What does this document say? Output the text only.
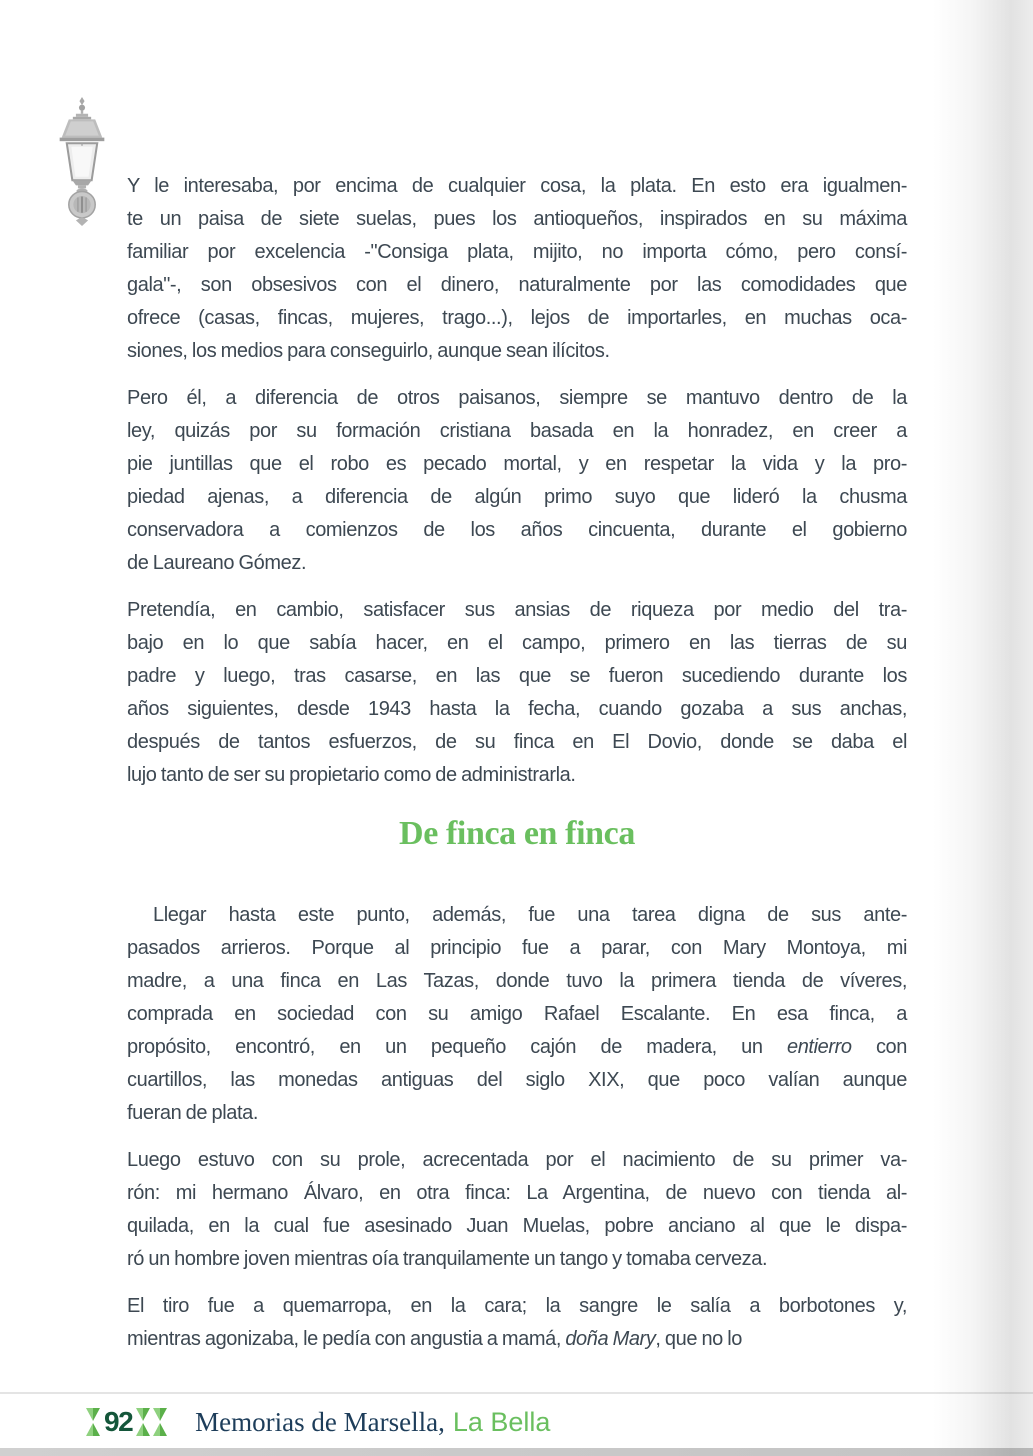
Y le interesaba, por encima de cualquier cosa, la plata. En esto era igualmen-
te un paisa de siete suelas, pues los antioqueños, inspirados en su máxima
familiar por excelencia -"Consiga plata, mijito, no importa cómo, pero consí-
gala"-, son obsesivos con el dinero, naturalmente por las comodidades que
ofrece (casas, fincas, mujeres, trago...), lejos de importarles, en muchas oca-
siones, los medios para conseguirlo, aunque sean ilícitos.
Pero él, a diferencia de otros paisanos, siempre se mantuvo dentro de la
ley, quizás por su formación cristiana basada en la honradez, en creer a
pie juntillas que el robo es pecado mortal, y en respetar la vida y la pro-
piedad ajenas, a diferencia de algún primo suyo que lideró la chusma
conservadora a comienzos de los años cincuenta, durante el gobierno
de Laureano Gómez.
Pretendía, en cambio, satisfacer sus ansias de riqueza por medio del tra-
bajo en lo que sabía hacer, en el campo, primero en las tierras de su
padre y luego, tras casarse, en las que se fueron sucediendo durante los
años siguientes, desde 1943 hasta la fecha, cuando gozaba a sus anchas,
después de tantos esfuerzos, de su finca en El Dovio, donde se daba el
lujo tanto de ser su propietario como de administrarla.
De finca en finca
Llegar hasta este punto, además, fue una tarea digna de sus ante-
pasados arrieros. Porque al principio fue a parar, con Mary Montoya, mi
madre, a una finca en Las Tazas, donde tuvo la primera tienda de víveres,
comprada en sociedad con su amigo Rafael Escalante. En esa finca, a
propósito, encontró, en un pequeño cajón de madera, un entierro con
cuartillos, las monedas antiguas del siglo XIX, que poco valían aunque
fueran de plata.
Luego estuvo con su prole, acrecentada por el nacimiento de su primer va-
rón: mi hermano Álvaro, en otra finca: La Argentina, de nuevo con tienda al-
quilada, en la cual fue asesinado Juan Muelas, pobre anciano al que le dispa-
ró un hombre joven mientras oía tranquilamente un tango y tomaba cerveza.
El tiro fue a quemarropa, en la cara; la sangre le salía a borbotones y,
mientras agonizaba, le pedía con angustia a mamá, doña Mary, que no lo
92 Memorias de Marsella, La Bella
